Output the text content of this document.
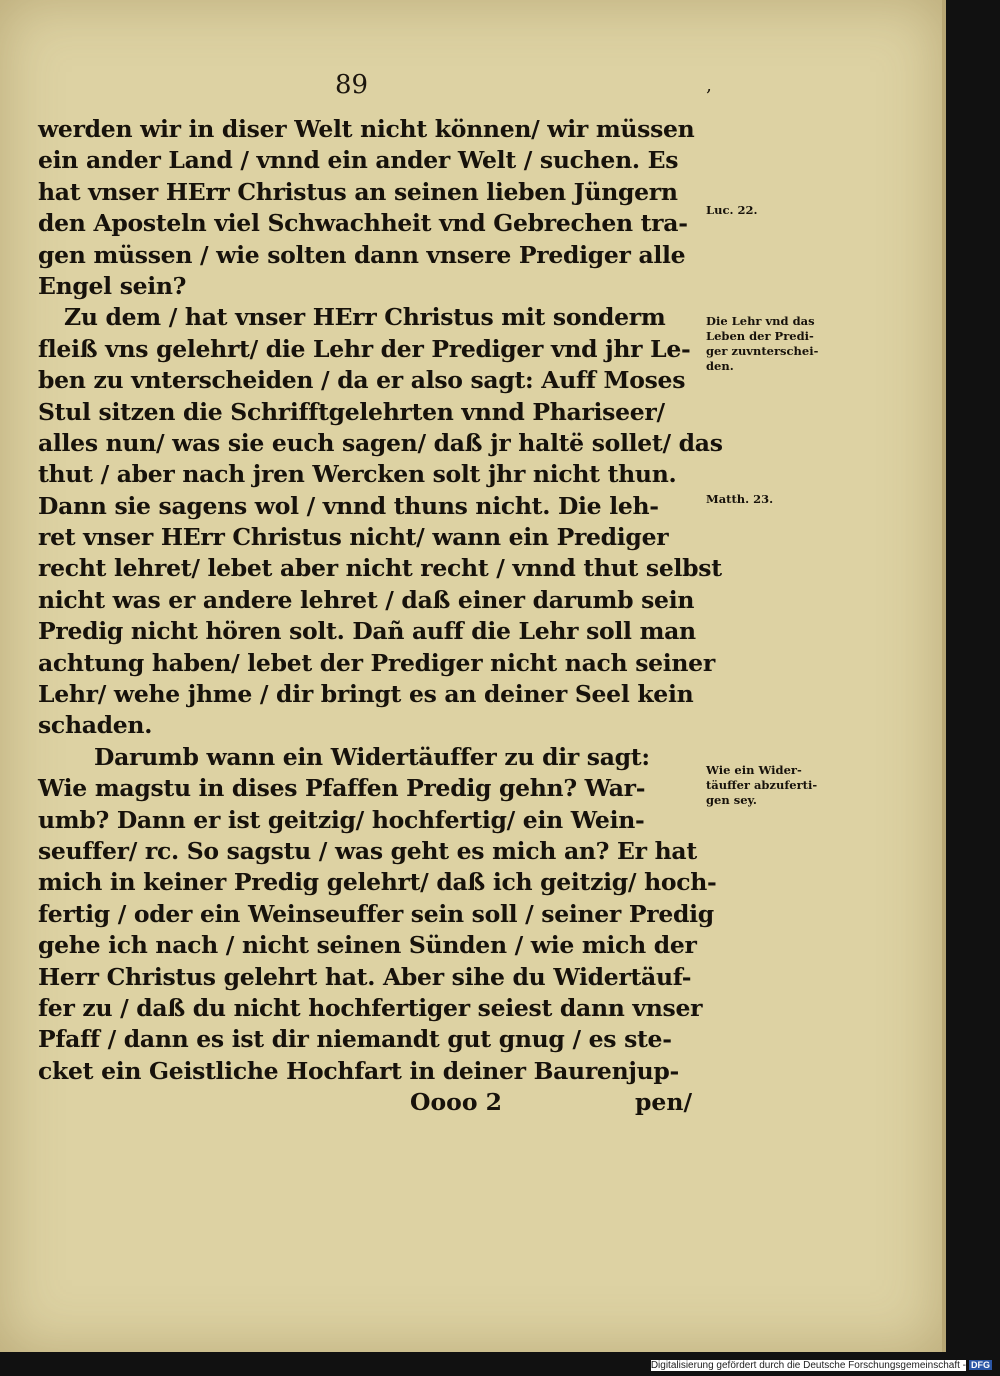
89	‚
werden wir in diser Welt nicht können/ wir müssen
ein ander Land / vnnd ein ander Welt / suchen. Es
hat vnser HErr Christus an seinen lieben Jüngern
den Aposteln viel Schwachheit vnd Gebrechen tra-
gen müssen / wie solten dann vnsere Prediger alle
Engel sein?
Zu dem / hat vnser HErr Christus mit sonderm
fleiß vns gelehrt/ die Lehr der Prediger vnd jhr Le-
ben zu vnterscheiden / da er also sagt: Auff Moses
Stul sitzen die Schrifftgelehrten vnnd Phariseer/
alles nun/ was sie euch sagen/ daß jr haltë sollet/ das
thut / aber nach jren Wercken solt jhr nicht thun.
Dann sie sagens wol / vnnd thuns nicht. Die leh-
ret vnser HErr Christus nicht/ wann ein Prediger
recht lehret/ lebet aber nicht recht / vnnd thut selbst
nicht was er andere lehret / daß einer darumb sein
Predig nicht hören solt. Dañ auff die Lehr soll man
achtung haben/ lebet der Prediger nicht nach seiner
Lehr/ wehe jhme / dir bringt es an deiner Seel kein
schaden.
Darumb wann ein Widertäuffer zu dir sagt:
Wie magstu in dises Pfaffen Predig gehn? War-
umb? Dann er ist geitzig/ hochfertig/ ein Wein-
seuffer/ rc. So sagstu / was geht es mich an? Er hat
mich in keiner Predig gelehrt/ daß ich geitzig/ hoch-
fertig / oder ein Weinseuffer sein soll / seiner Predig
gehe ich nach / nicht seinen Sünden / wie mich der
Herr Christus gelehrt hat. Aber sihe du Widertäuf-
fer zu / daß du nicht hochfertiger seiest dann vnser
Pfaff / dann es ist dir niemandt gut gnug / es ste-
cket ein Geistliche Hochfart in deiner Baurenjup-
Oooo 2	pen/
Luc. 22.
Die Lehr vnd das
Leben der Predi-
ger zuvnterschei-
den.
Matth. 23.
Wie ein Wider-
täuffer abzuferti-
gen sey.
Digitalisierung gefördert durch die Deutsche Forschungsgemeinschaft - DFG
